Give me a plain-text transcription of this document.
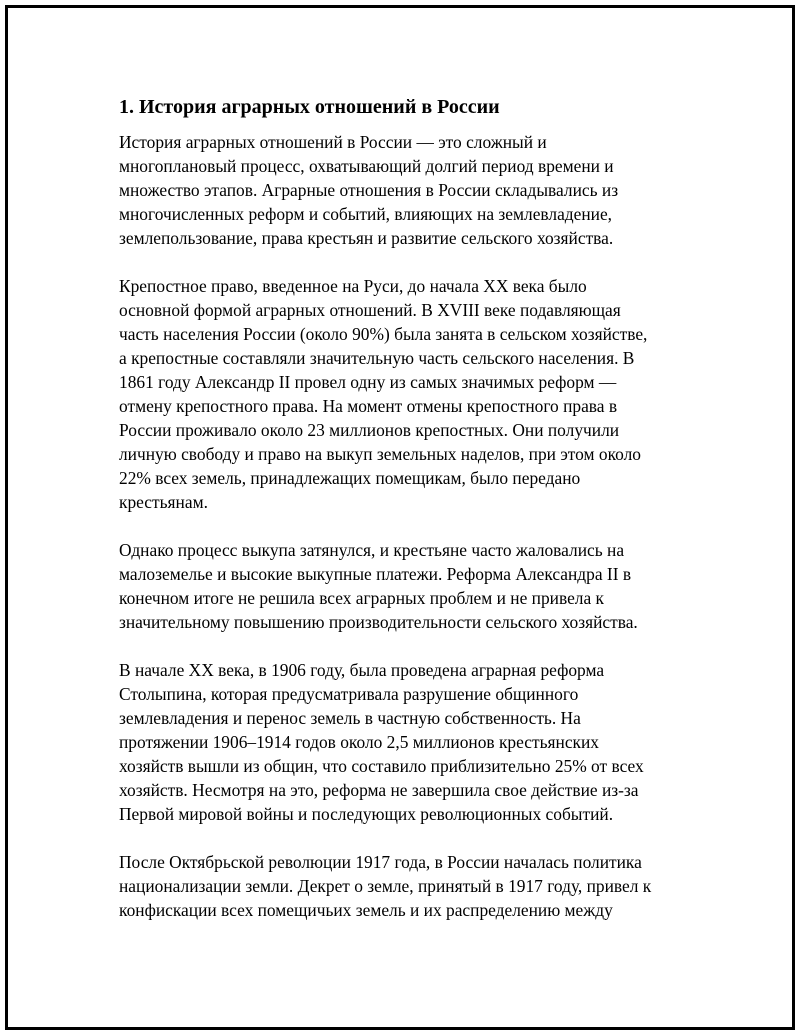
1. История аграрных отношений в России

История аграрных отношений в России — это сложный и
многоплановый процесс, охватывающий долгий период времени и
множество этапов. Аграрные отношения в России складывались из
многочисленных реформ и событий, влияющих на землевладение,
землепользование, права крестьян и развитие сельского хозяйства.

Крепостное право, введенное на Руси, до начала XX века было
основной формой аграрных отношений. В XVIII веке подавляющая
часть населения России (около 90%) была занята в сельском хозяйстве,
а крепостные составляли значительную часть сельского населения. В
1861 году Александр II провел одну из самых значимых реформ —
отмену крепостного права. На момент отмены крепостного права в
России проживало около 23 миллионов крепостных. Они получили
личную свободу и право на выкуп земельных наделов, при этом около
22% всех земель, принадлежащих помещикам, было передано
крестьянам.

Однако процесс выкупа затянулся, и крестьяне часто жаловались на
малоземелье и высокие выкупные платежи. Реформа Александра II в
конечном итоге не решила всех аграрных проблем и не привела к
значительному повышению производительности сельского хозяйства.

В начале XX века, в 1906 году, была проведена аграрная реформа
Столыпина, которая предусматривала разрушение общинного
землевладения и перенос земель в частную собственность. На
протяжении 1906–1914 годов около 2,5 миллионов крестьянских
хозяйств вышли из общин, что составило приблизительно 25% от всех
хозяйств. Несмотря на это, реформа не завершила свое действие из-за
Первой мировой войны и последующих революционных событий.

После Октябрьской революции 1917 года, в России началась политика
национализации земли. Декрет о земле, принятый в 1917 году, привел к
конфискации всех помещичьих земель и их распределению между
